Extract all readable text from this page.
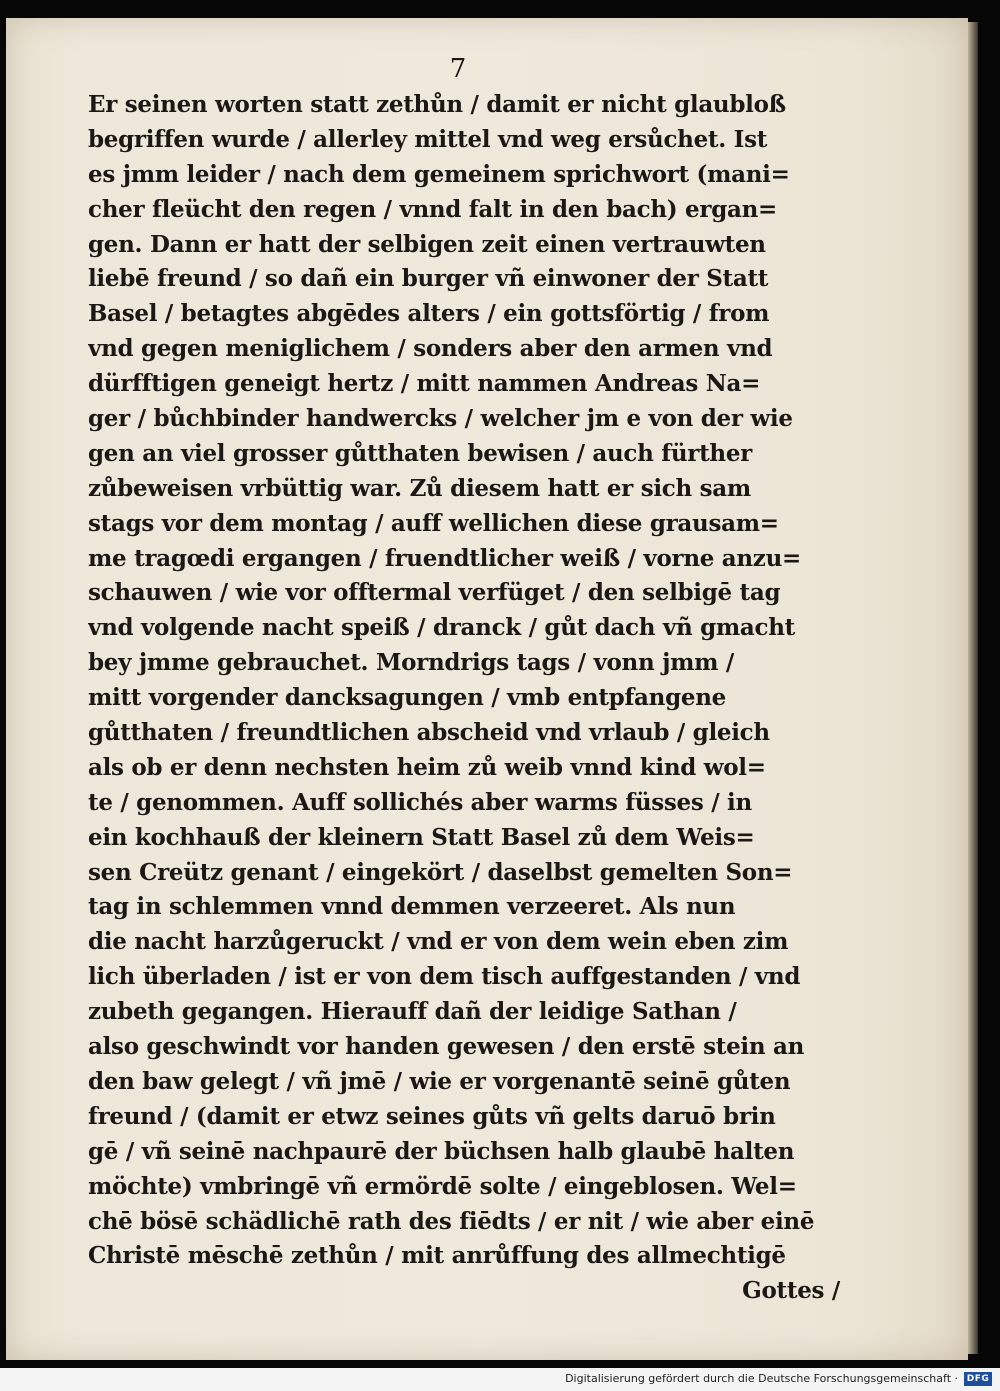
7
Er seinen worten statt zethůn / damit er nicht glaubloß
begriffen wurde / allerley mittel vnd weg ersůchet. Ist
es jmm leider / nach dem gemeinem sprichwort (mani=
cher fleücht den regen / vnnd falt in den bach) ergan=
gen. Dann er hatt der selbigen zeit einen vertrauwten
liebē freund / so dañ ein burger vñ einwoner der Statt
Basel / betagtes abgēdes alters / ein gottsförtig / from
vnd gegen meniglichem / sonders aber den armen vnd
dürfftigen geneigt hertz / mitt nammen Andreas Na=
ger / bůchbinder handwercks / welcher jm e von der wie
gen an viel grosser gůtthaten bewisen / auch fürther
zůbeweisen vrbüttig war. Zů diesem hatt er sich sam
stags vor dem montag / auff wellichen diese grausam=
me tragœdi ergangen / fruendtlicher weiß / vorne anzu=
schauwen / wie vor offtermal verfüget / den selbigē tag
vnd volgende nacht speiß / dranck / gůt dach vñ gmacht
bey jmme gebrauchet. Morndrigs tags / vonn jmm /
mitt vorgender dancksagungen / vmb entpfangene
gůtthaten / freundtlichen abscheid vnd vrlaub / gleich
als ob er denn nechsten heim zů weib vnnd kind wol=
te / genommen. Auff sollichés aber warms füsses / in
ein kochhauß der kleinern Statt Basel zů dem Weis=
sen Creütz genant / eingekört / daselbst gemelten Son=
tag in schlemmen vnnd demmen verzeeret. Als nun
die nacht harzůgeruckt / vnd er von dem wein eben zim
lich überladen / ist er von dem tisch auffgestanden / vnd
zubeth gegangen. Hierauff dañ der leidige Sathan /
also geschwindt vor handen gewesen / den erstē stein an
den baw gelegt / vñ jmē / wie er vorgenantē seinē gůten
freund / (damit er etwz seines gůts vñ gelts daruō brin
gē / vñ seinē nachpaurē der büchsen halb glaubē halten
möchte) vmbringē vñ ermördē solte / eingeblosen. Wel=
chē bösē schädlichē rath des fiēdts / er nit / wie aber einē
Christē mēschē zethůn / mit anrůffung des allmechtigē
Gottes /
Digitalisierung gefördert durch die Deutsche Forschungsgemeinschaft · DFG
